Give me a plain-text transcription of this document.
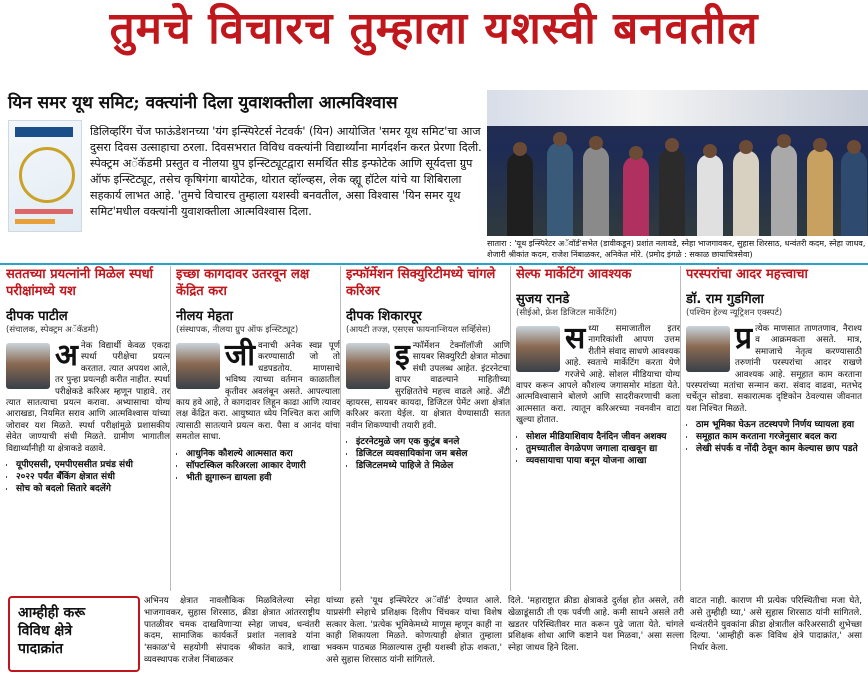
तुमचे विचारच तुम्हाला यशस्वी बनवतील
यिन समर यूथ समिट; वक्त्यांनी दिला युवाशक्तीला आत्मविश्वास
डिलिव्हरिंग चेंज फाऊंडेशनच्या 'यंग इन्स्पिरेटर्स नेटवर्क' (यिन) आयोजित 'समर यूथ समिट'चा आज दुसरा दिवस उत्साहाचा ठरला. दिवसभरात विविध वक्त्यांनी विद्यार्थ्यांना मार्गदर्शन करत प्रेरणा दिली. स्पेक्ट्रम अॅकॅडमी प्रस्तुत व नीलया ग्रुप इन्स्टिट्यूटद्वारा समर्थित सीड इन्फोटेक आणि सूर्यदत्ता ग्रुप ऑफ इन्स्टिट्यूट, तसेच कृषिगंगा बायोटेक, थोरात व्हॉल्व्हस, लेक व्ह्यू हॉटेल यांचे या शिबिराला सहकार्य लाभत आहे. 'तुमचे विचारच तुम्हाला यशस्वी बनवतील, असा विश्वास 'यिन समर यूथ समिट'मधील वक्त्यांनी युवाशक्तीला आत्मविश्वास दिला.
सातारा : 'यूथ इन्स्पिरेटर अॅवॉर्ड'सभेत (डावीकडून) प्रशांत नलावडे, स्नेहा भाजगावकर, सुहास शिरसाठ, धन्वंतरी कदम, स्नेहा जाधव, शेजारी श्रीकांत कदम, राजेश निंबाळकर, अनिकेत मोरे. (प्रमोद इंगळे : सकाळ छायाचित्रसेवा)
सततच्या प्रयत्नांनी मिळेल स्पर्धा परीक्षांमध्ये यश
दीपक पाटील
(संचालक, स्पेक्ट्रम अॅकॅडमी)
अ नेक विद्यार्थी केवळ एकदा स्पर्धा परीक्षेचा प्रयत्न करतात. त्यात अपयश आले, तर पुन्हा प्रयत्नही करीत नाहीत. स्पर्धा परीक्षेकडे करिअर म्हणून पाहावे. तर त्यात सातत्याचा प्रयत्न करावा. अभ्यासाचा योग्य आराखडा, नियमित सराव आणि आत्मविश्वास यांच्या जोरावर यश मिळते. स्पर्धा परीक्षांमुळे प्रशासकीय सेवेत जाण्याची संधी मिळते. ग्रामीण भागातील विद्यार्थ्यांनीही या क्षेत्राकडे वळावे.
• यूपीएससी, एमपीएससीत प्रचंड संधी
• २०२२ पर्यंत बँकिंग क्षेत्रात संधी
• सोच को बदलो सितारे बदलेंगे
इच्छा कागदावर उतरवून लक्ष केंद्रित करा
नीलय मेहता
(संस्थापक, नीलया ग्रुप ऑफ इन्स्टिट्यूट)
जी वनाची अनेक स्वप्न पूर्ण करण्यासाठी जो तो धडपडतोय. माणसाचे भविष्य त्याच्या वर्तमान काळातील कृतीवर अवलंबून असते. आपल्याला काय हवे आहे, ते कागदावर लिहून काढा आणि त्यावर लक्ष केंद्रित करा. आयुष्यात ध्येय निश्चित करा आणि त्यासाठी सातत्याने प्रयत्न करा. पैसा व आनंद यांचा समतोल साधा.
• आधुनिक कौशल्ये आत्मसात करा
• सॉफ्टस्किल करिअरला आकार देणारी
• भीती झुगारून द्यायला हवी
इन्फॉर्मेशन सिक्युरिटीमध्ये चांगले करिअर
दीपक शिकारपूर
(आयटी तज्ज्ञ, एसएस फायनान्शियल सर्व्हिसेस)
इ न्फॉर्मेशन टेक्नॉलॉजी आणि सायबर सिक्युरिटी क्षेत्रात मोठ्या संधी उपलब्ध आहेत. इंटरनेटचा वापर वाढल्याने माहितीच्या सुरक्षिततेचे महत्त्व वाढले आहे. अँटी व्हायरस, सायबर कायदा, डिजिटल पेमेंट अशा क्षेत्रांत करिअर करता येईल. या क्षेत्रात येण्यासाठी सतत नवीन शिकण्याची तयारी हवी.
• इंटरनेटमुळे जग एक कुटुंब बनले
• डिजिटल व्यवसायिकांना जम बसेल
• डिजिटलमध्ये पाहिजे ते मिळेल
सेल्फ मार्केटिंग आवश्यक
सुजय रानडे
(सीईओ, फ्रेश डिजिटल मार्केटिंग)
स ध्या समाजातील इतर नागरिकांशी आपण उत्तम रीतीने संवाद साधणे आवश्यक आहे. स्वतःचे मार्केटिंग करता येणे गरजेचे आहे. सोशल मीडियाचा योग्य वापर करून आपले कौशल्य जगासमोर मांडता येते. आत्मविश्वासाने बोलणे आणि सादरीकरणाची कला आत्मसात करा. त्यातून करिअरच्या नवनवीन वाटा खुल्या होतात.
• सोशल मीडियाशिवाय दैनंदिन जीवन अशक्य
• तुमच्यातील वेगळेपण जगाला दाखवून द्या
• व्यवसायाचा पाया बनून योजना आखा
परस्परांचा आदर महत्त्वाचा
डॉ. राम गुडगिला
(पश्चिम हेल्थ न्यूट्रिशन एक्स्पर्ट)
प्र त्येक माणसात ताणतणाव, नैराश्य व आक्रमकता असते. मात्र, समाजाचे नेतृत्व करण्यासाठी तरुणांनी परस्परांचा आदर राखणे आवश्यक आहे. समूहात काम करताना परस्परांच्या मतांचा सन्मान करा. संवाद वाढवा, मतभेद चर्चेतून सोडवा. सकारात्मक दृष्टिकोन ठेवल्यास जीवनात यश निश्चित मिळते.
• ठाम भूमिका घेऊन तटस्थपणे निर्णय घ्यायला हवा
• समूहात काम करताना गरजेनुसार बदल करा
• लेखी संपर्क व नोंदी ठेवून काम केल्यास छाप पडते
आम्हीही करू
विविध क्षेत्रे
पादाक्रांत
अभिनय क्षेत्रात नावलौकिक मिळविलेल्या स्नेहा भाजगावकर, सुहास शिरसाठ, क्रीडा क्षेत्रात आंतरराष्ट्रीय पातळीवर चमक दाखविणाऱ्या स्नेहा जाधव, धन्वंतरी कदम, सामाजिक कार्यकर्ते प्रशांत नलावडे यांना 'सकाळ'चे सहयोगी संपादक श्रीकांत कात्रे, शाखा व्यवस्थापक राजेश निंबाळकर
यांच्या हस्ते 'यूथ इन्स्पिरेटर अॅवॉर्ड' देण्यात आले. याप्रसंगी स्नेहाचे प्रशिक्षक दिलीप चिंचकर यांचा विशेष सत्कार केला. 'प्रत्येक भूमिकेमध्ये माणूस म्हणून काही ना काही शिकायला मिळते. कोणत्याही क्षेत्रात तुम्हाला भक्कम पाठबळ मिळाल्यास तुम्ही यशस्वी होऊ शकता,' असे सुहास शिरसाठ यांनी सांगितले.
दिले. 'महाराष्ट्रात क्रीडा क्षेत्राकडे दुर्लक्ष होत असले, तरी खेळाडूंसाठी ती एक पर्वणी आहे. कमी साधने असले तरी खडतर परिस्थितीवर मात करून पुढे जाता येते. चांगले प्रशिक्षक शोधा आणि कष्टाने यश मिळवा,' असा सल्ला स्नेहा जाधव हिने दिला.
वाटत नाही. काराण मी प्रत्येक परिस्थितीचा मजा घेते, असे तुम्हीही घ्या,' असे सुहास शिरसाठ यांनी सांगितले. धन्वंतरीने युवकांना क्रीडा क्षेत्रातील करिअरसाठी शुभेच्छा दिल्या. 'आम्हीही करू विविध क्षेत्रे पादाक्रांत,' असा निर्धार केला.
